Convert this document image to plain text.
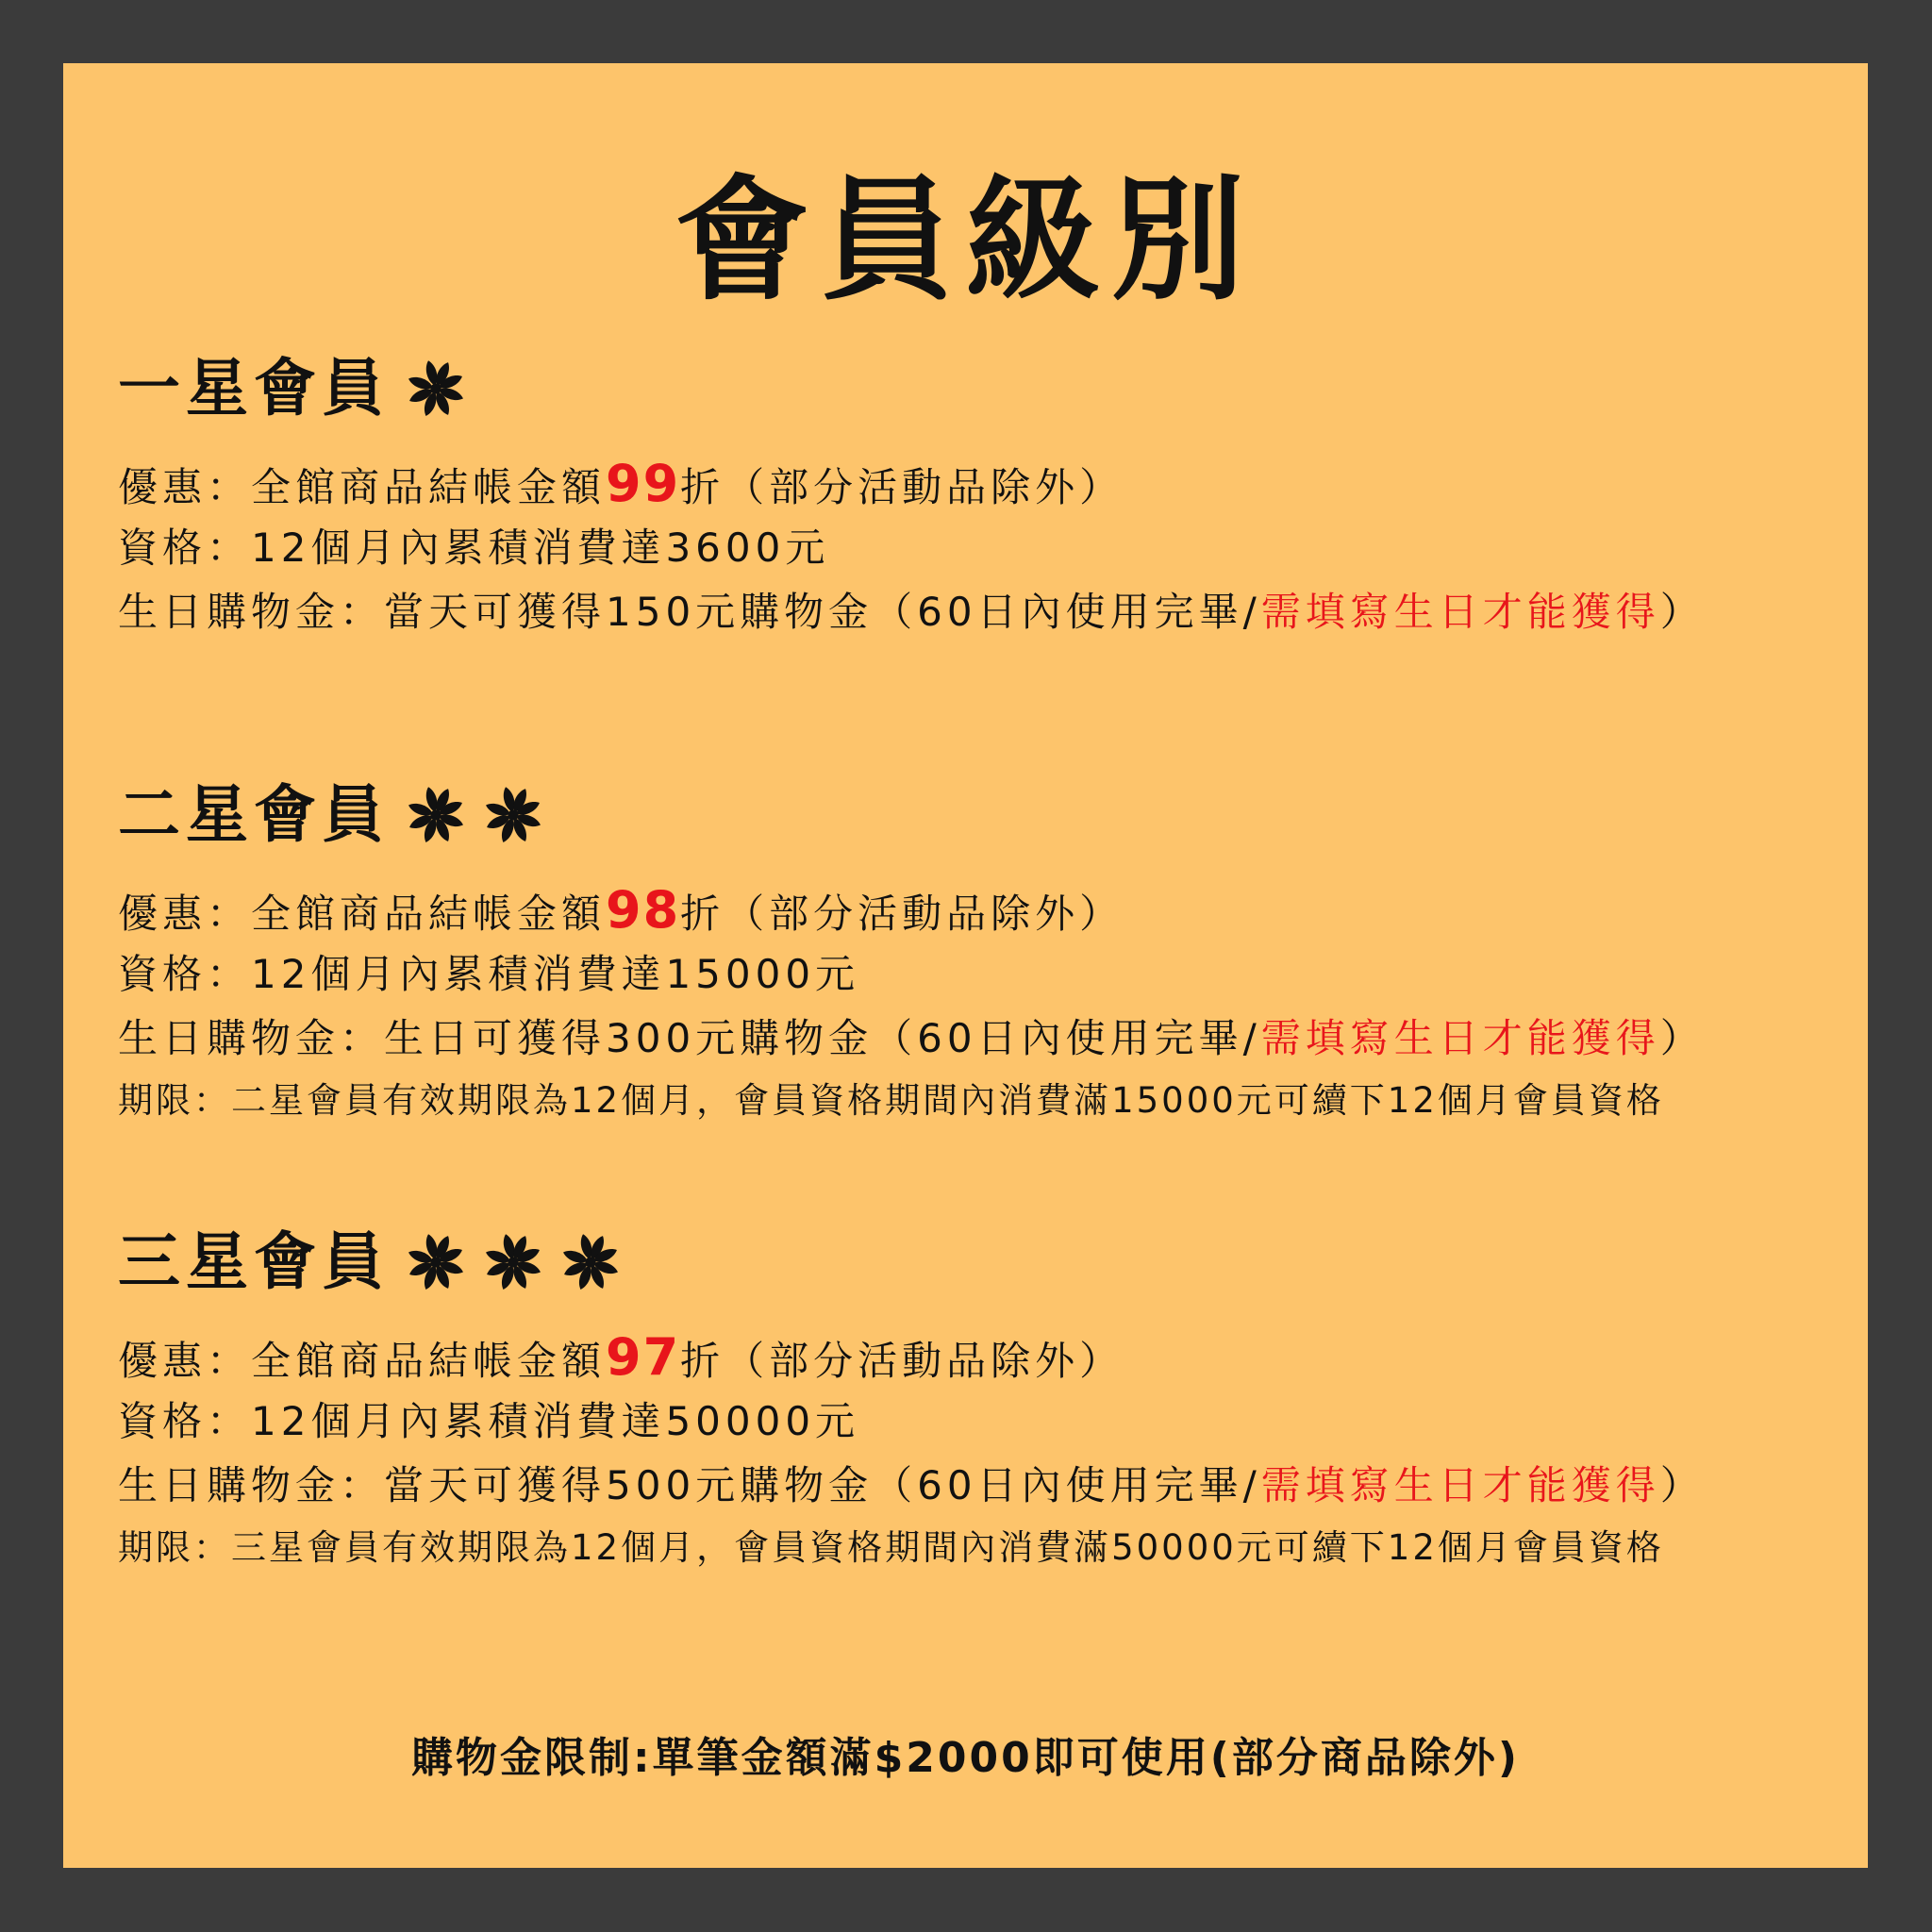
會員級別
一星會員

優惠：全館商品結帳金額99折（部分活動品除外）

資格：12個月內累積消費達3600元

生日購物金：當天可獲得150元購物金（60日內使用完畢/需填寫生日才能獲得）

二星會員

優惠：全館商品結帳金額98折（部分活動品除外）

資格：12個月內累積消費達15000元

生日購物金：生日可獲得300元購物金（60日內使用完畢/需填寫生日才能獲得）

期限：二星會員有效期限為12個月，會員資格期間內消費滿15000元可續下12個月會員資格

三星會員

優惠：全館商品結帳金額97折（部分活動品除外）

資格：12個月內累積消費達50000元

生日購物金：當天可獲得500元購物金（60日內使用完畢/需填寫生日才能獲得）

期限：三星會員有效期限為12個月，會員資格期間內消費滿50000元可續下12個月會員資格

購物金限制:單筆金額滿$2000即可使用(部分商品除外)
